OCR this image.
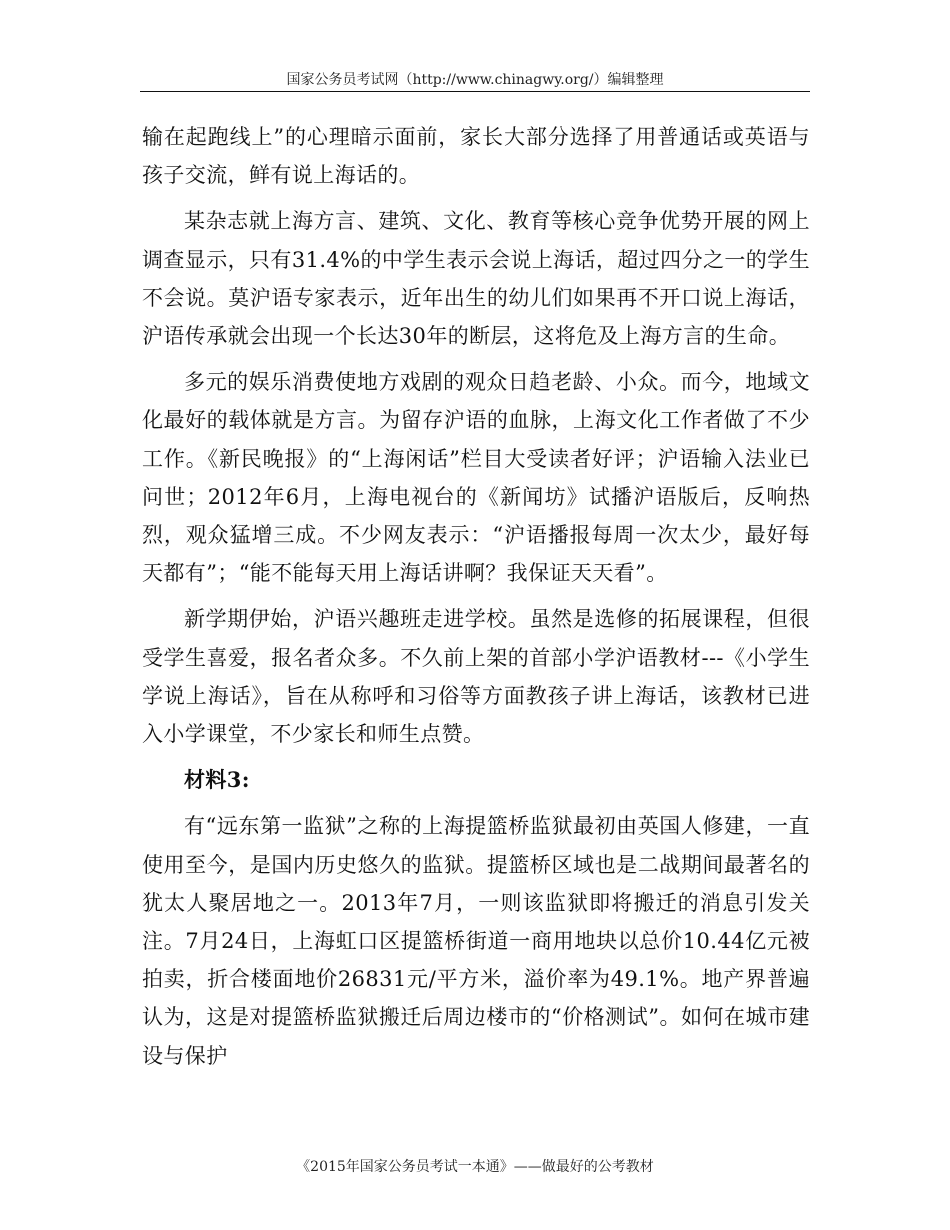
国家公务员考试网（http://www.chinagwy.org/）编辑整理

输在起跑线上”的心理暗示面前，家长大部分选择了用普通话或英语与孩子交流，鲜有说上海话的。

某杂志就上海方言、建筑、文化、教育等核心竞争优势开展的网上调查显示，只有31.4%的中学生表示会说上海话，超过四分之一的学生不会说。莫沪语专家表示，近年出生的幼儿们如果再不开口说上海话，沪语传承就会出现一个长达30年的断层，这将危及上海方言的生命。

多元的娱乐消费使地方戏剧的观众日趋老龄、小众。而今，地域文化最好的载体就是方言。为留存沪语的血脉，上海文化工作者做了不少工作。《新民晚报》的“上海闲话”栏目大受读者好评；沪语输入法业已问世；2012年6月，上海电视台的《新闻坊》试播沪语版后，反响热烈，观众猛增三成。不少网友表示：“沪语播报每周一次太少，最好每天都有”；“能不能每天用上海话讲啊？我保证天天看”。

新学期伊始，沪语兴趣班走进学校。虽然是选修的拓展课程，但很受学生喜爱，报名者众多。不久前上架的首部小学沪语教材---《小学生学说上海话》，旨在从称呼和习俗等方面教孩子讲上海话，该教材已进入小学课堂，不少家长和师生点赞。

材料3:

有“远东第一监狱”之称的上海提篮桥监狱最初由英国人修建，一直使用至今，是国内历史悠久的监狱。提篮桥区域也是二战期间最著名的犹太人聚居地之一。2013年7月，一则该监狱即将搬迁的消息引发关注。7月24日，上海虹口区提篮桥街道一商用地块以总价10.44亿元被拍卖，折合楼面地价26831元/平方米，溢价率为49.1%。地产界普遍认为，这是对提篮桥监狱搬迁后周边楼市的“价格测试”。如何在城市建设与保护

《2015年国家公务员考试一本通》——做最好的公考教材
